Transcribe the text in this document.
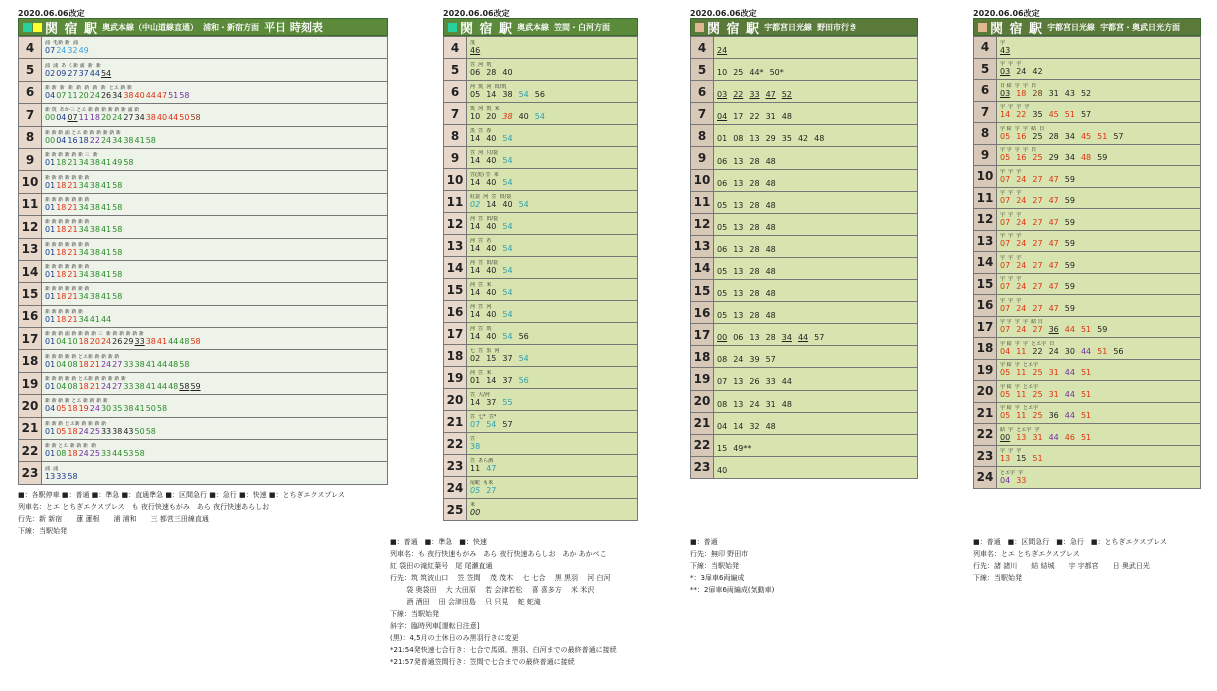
2020.06.06改定
関 宿 駅 奥武本線（中山道線直通） 浦和・新宿方面 平日 時刻表
4	浦  毛新 新  浦
07 24 32 49
5	浦  浦  あ く新 浦  新  新
02 09 27 37 44 54
6	新 新  新  新  新  新  新  新  とエ 新 新
04 07 11 20 24 26 34 38 40 44 47 51 58
7	新 筑  あか三 とエ 新 新 新 新 新 新 浦 新
00 04 07 11 18 20 24 27 34 38 40 44 50 58
8	新 新 新 浦 とエ 新 新 新 新 新 新
00 04 16 18 22 24 34 38 41 58
9	新 新 新 新 新 新 三  新
01 18 21 34 38 41 49 58
10	新 新 新 新 新 新 新
01 18 21 34 38 41 58
11	新 新 新 新 新 新 新
01 18 21 34 38 41 58
12	新 新 新 新 新 新 新
01 18 21 34 38 41 58
13	新 新 新 新 新 新 新
01 18 21 34 38 41 58
14	新 新 新 新 新 新 新
01 18 21 34 38 41 58
15	新 新 新 新 新 新 新
01 18 21 34 38 41 58
16	新 新 新 新 新 新
01 18 21 34 41 44
17	新 新 新 浦 新 新 新 新 三  新 新 新 新 新 新
01 04 10 18 20 24 26 29 33 38 41 44 48 58
18	新 新 新 新 新 とエ新 新 新 新 新
01 04 08 18 21 24 27 33 38 41 44 48 58
19	新 新 新 新 新 とエ新 新 新 新 新 新
01 04 08 18 21 24 27 33 38 41 44 48 58 59
20	新 新 新 新 とエ 新 新 新 新
04 05 18 19 24 30 35 38 41 50 58
21	新 新 新 とエ新 新 新 新 新
01 05 18 24 25 33 38 43 50 58
22	新 新 とエ 新 新 新  新
01 08 18 24 25 33 44 53 58
23	浦  浦
13 33 58
■：各駅停車 ■：普通 ■：準急 ■：直通準急 ■：区間急行 ■：急行 ■：快速 ■：とちぎエクスプレス
列車名：とエ とちぎエクスプレス　も 夜行快速もがみ　あら 夜行快速あらしお
行先：新 新宿　　蓮 蓮根　　浦 浦和　　三 都営三田線直通
下線：当駅始発
2020.06.06改定
関 宿 駅 奥武本線 笠間・白河方面
4	茂
46
5	笠  河  筑
06 28 40
6	河  筑  河  田/筑
05 14 38 54 56
7	筑  河  筑  米
10 20 38 40 54
8	黒  笠  春
14 40 54
9	笠  河  只/袋
14 40 54
10	笠(黒) 笠  米
14 40 54
11	紅袋  河  笠  田/袋
02 14 40 54
12	河  笠  田/袋
14 40 54
13	河  笠  若
14 40 54
14	河  笠  田/袋
14 40 54
15	河  笠  米
14 40 54
16	河  笠  河
14 40 54
17	河  笠  筑
14 40 54 56
18	七  笠  黒  河
02 15 37 54
19	河  笠  米
01 14 37 56
20	笠  大/河
14 37 55
21	笠  七*  笠*
07 54 57
22	笠
38
23	笠  あら酒
11 47
24	尾蛇  も米
05 27
25	米
00
■：普通　■：準急　■：快速
列車名：も 夜行快速もがみ　あら 夜行快速あらしお　あか あかべこ
紅 袋田の滝紅葉号　尾 尾瀬直通
行先：筑 筑波山口　 笠 笠間　 茂 茂木　 七 七合　 黒 黒羽　 河 白河
　　 袋 奥袋田　 大 大田原　 若 会津若松　 喜 喜多方　 米 米沢
　　 酒 酒田　 田 会津田島　 只 只見　 蛇 蛇滝
下線：当駅始発
斜字：臨時列車[運転日注意]
(黒)：4,5月の土休日のみ黒羽行きに変更
*21:54発快速七合行き：七合で馬頭、黒羽、白河までの最終普通に接続
*21:57発普通笠間行き：笠間で七合までの最終普通に接続
2020.06.06改定
関 宿 駅 宇都宮日光線 野田市行き
4	24
5	10 25 44* 50*
6	03 22 33 47 52
7	04 17 22 31 48
8	01 08 13 29 35 42 48
9	06 13 28 48
10 06 13 28 48
11 05 13 28 48
12 05 13 28 48
13 06 13 28 48
14 05 13 28 48
15 05 13 28 48
16 05 13 28 48
17 00 06 13 28 34 44 57
18 08 24 39 57
19 07 13 26 33 44
20 08 13 24 31 48
21 04 14 32 48
22 15 49**
23 40
■：普通
行先：無印 野田市
下線：当駅始発
*：3扉車6両編成
**：2扉車6両編成(気動車)
2020.06.06改定
関 宿 駅 宇都宮日光線 宇都宮・奥武日光方面
4	宇
43
5	宇  宇  宇
03 24 42
6	日 結  宇  宇  日
03 18 28 31 43 52
7	宇  宇  宇  宇
14 22 35 45 51 57
8	宇 結  宇  宇  結  日
05 16 25 28 34 45 51 57
9	宇 宇  宇  宇  日
05 16 25 29 34 48 59
10	宇  宇  宇
07 24 27 47 59
11	宇  宇  宇
07 24 27 47 59
12	宇  宇  宇
07 24 27 47 59
13	宇  宇  宇
07 24 27 47 59
14	宇  宇  宇
07 24 27 47 59
15	宇  宇  宇
07 24 27 47 59
16	宇  宇  宇
07 24 27 47 59
17	宇 宇  宇  宇  結 日
07 24 27 36 44 51 59
18	宇 結  宇  宇  とエ宇  日
04 11 22 24 30 44 51 56
19	宇 結  宇  とエ宇
05 11 25 31 44 51
20	宇 結  宇  とエ宇
05 11 25 31 44 51
21	宇 結  宇  とエ宇
05 11 25 36 44 51
22	結  宇  とエ宇  宇
00 13 31 44 46 51
23	宇  宇  宇
13 15 51
24	とエ宇  宇
04 33
■：普通　■：区間急行　■：急行　■：とちぎエクスプレス
列車名：とエ とちぎエクスプレス
行先：諸 諸川　　結 結城　　宇 宇都宮　　日 奥武日光
下線：当駅始発
